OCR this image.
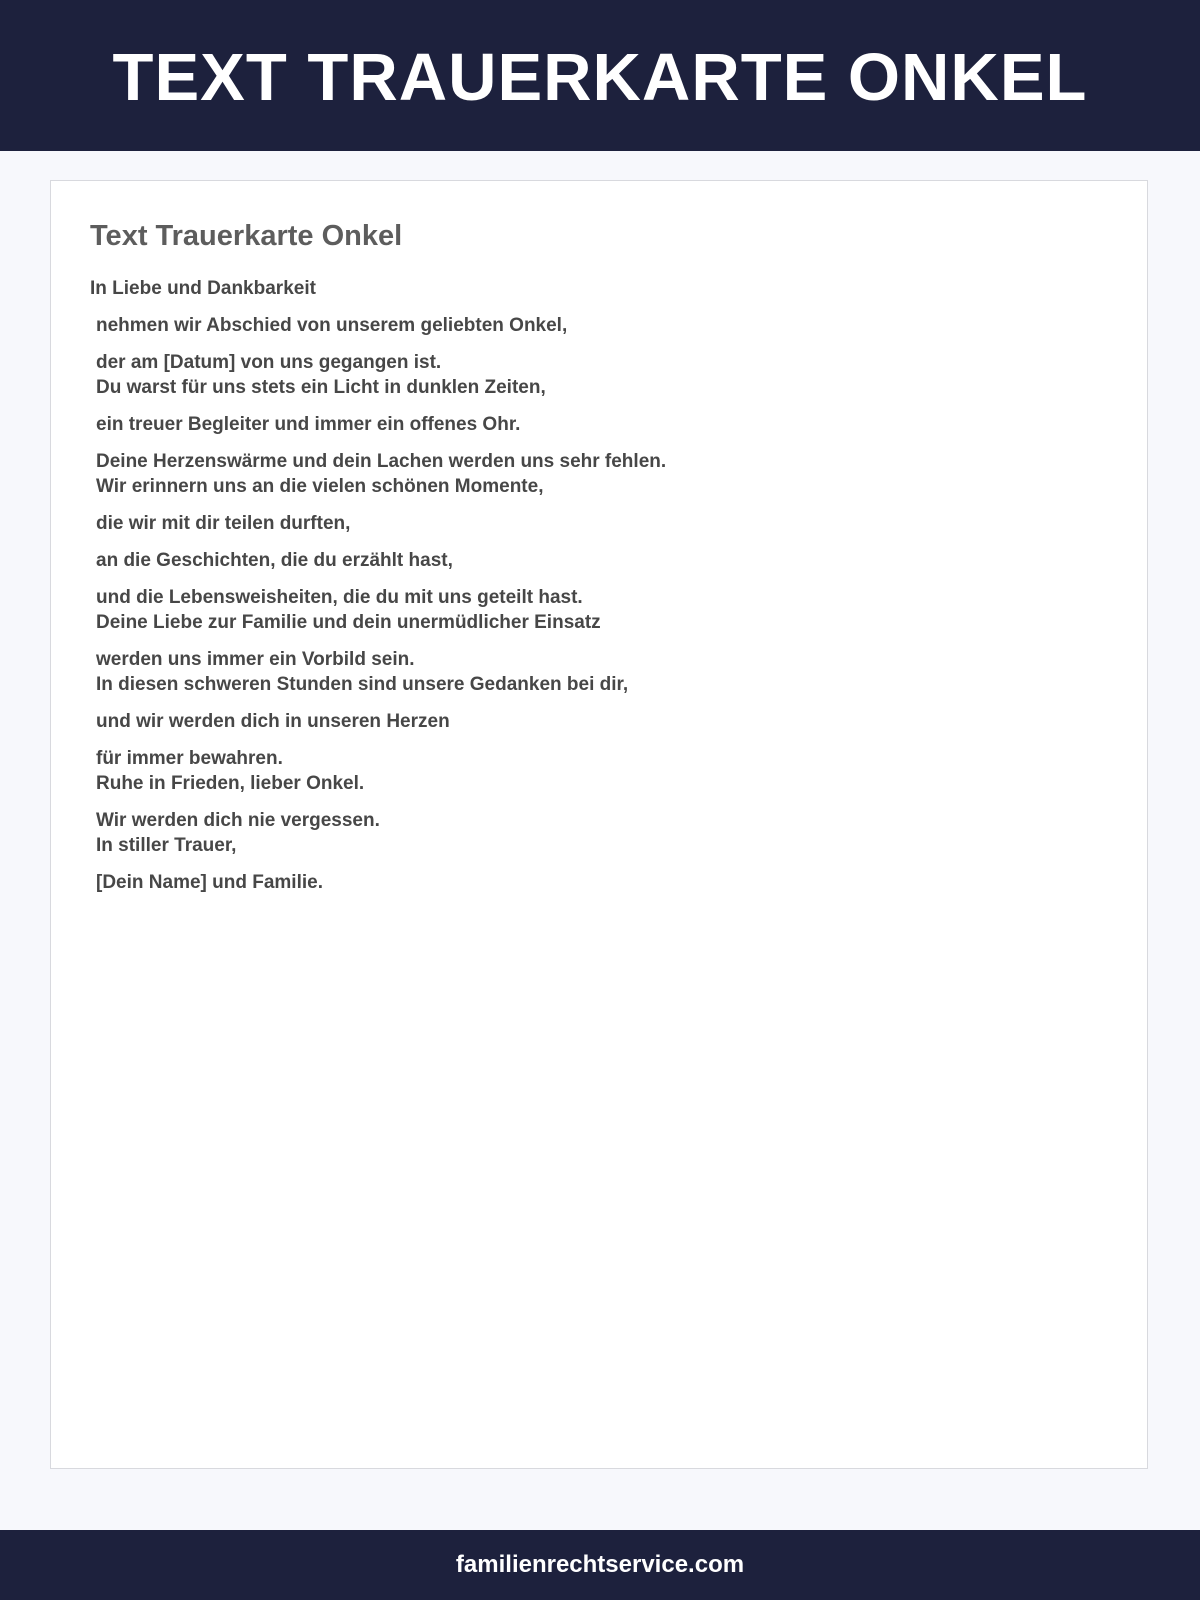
TEXT TRAUERKARTE ONKEL
Text Trauerkarte Onkel

In Liebe und Dankbarkeit

nehmen wir Abschied von unserem geliebten Onkel,

der am [Datum] von uns gegangen ist.
Du warst für uns stets ein Licht in dunklen Zeiten,

ein treuer Begleiter und immer ein offenes Ohr.

Deine Herzenswärme und dein Lachen werden uns sehr fehlen.
Wir erinnern uns an die vielen schönen Momente,

die wir mit dir teilen durften,

an die Geschichten, die du erzählt hast,

und die Lebensweisheiten, die du mit uns geteilt hast.
Deine Liebe zur Familie und dein unermüdlicher Einsatz

werden uns immer ein Vorbild sein.
In diesen schweren Stunden sind unsere Gedanken bei dir,

und wir werden dich in unseren Herzen

für immer bewahren.
Ruhe in Frieden, lieber Onkel.

Wir werden dich nie vergessen.
In stiller Trauer,

[Dein Name] und Familie.

familienrechtservice.com
